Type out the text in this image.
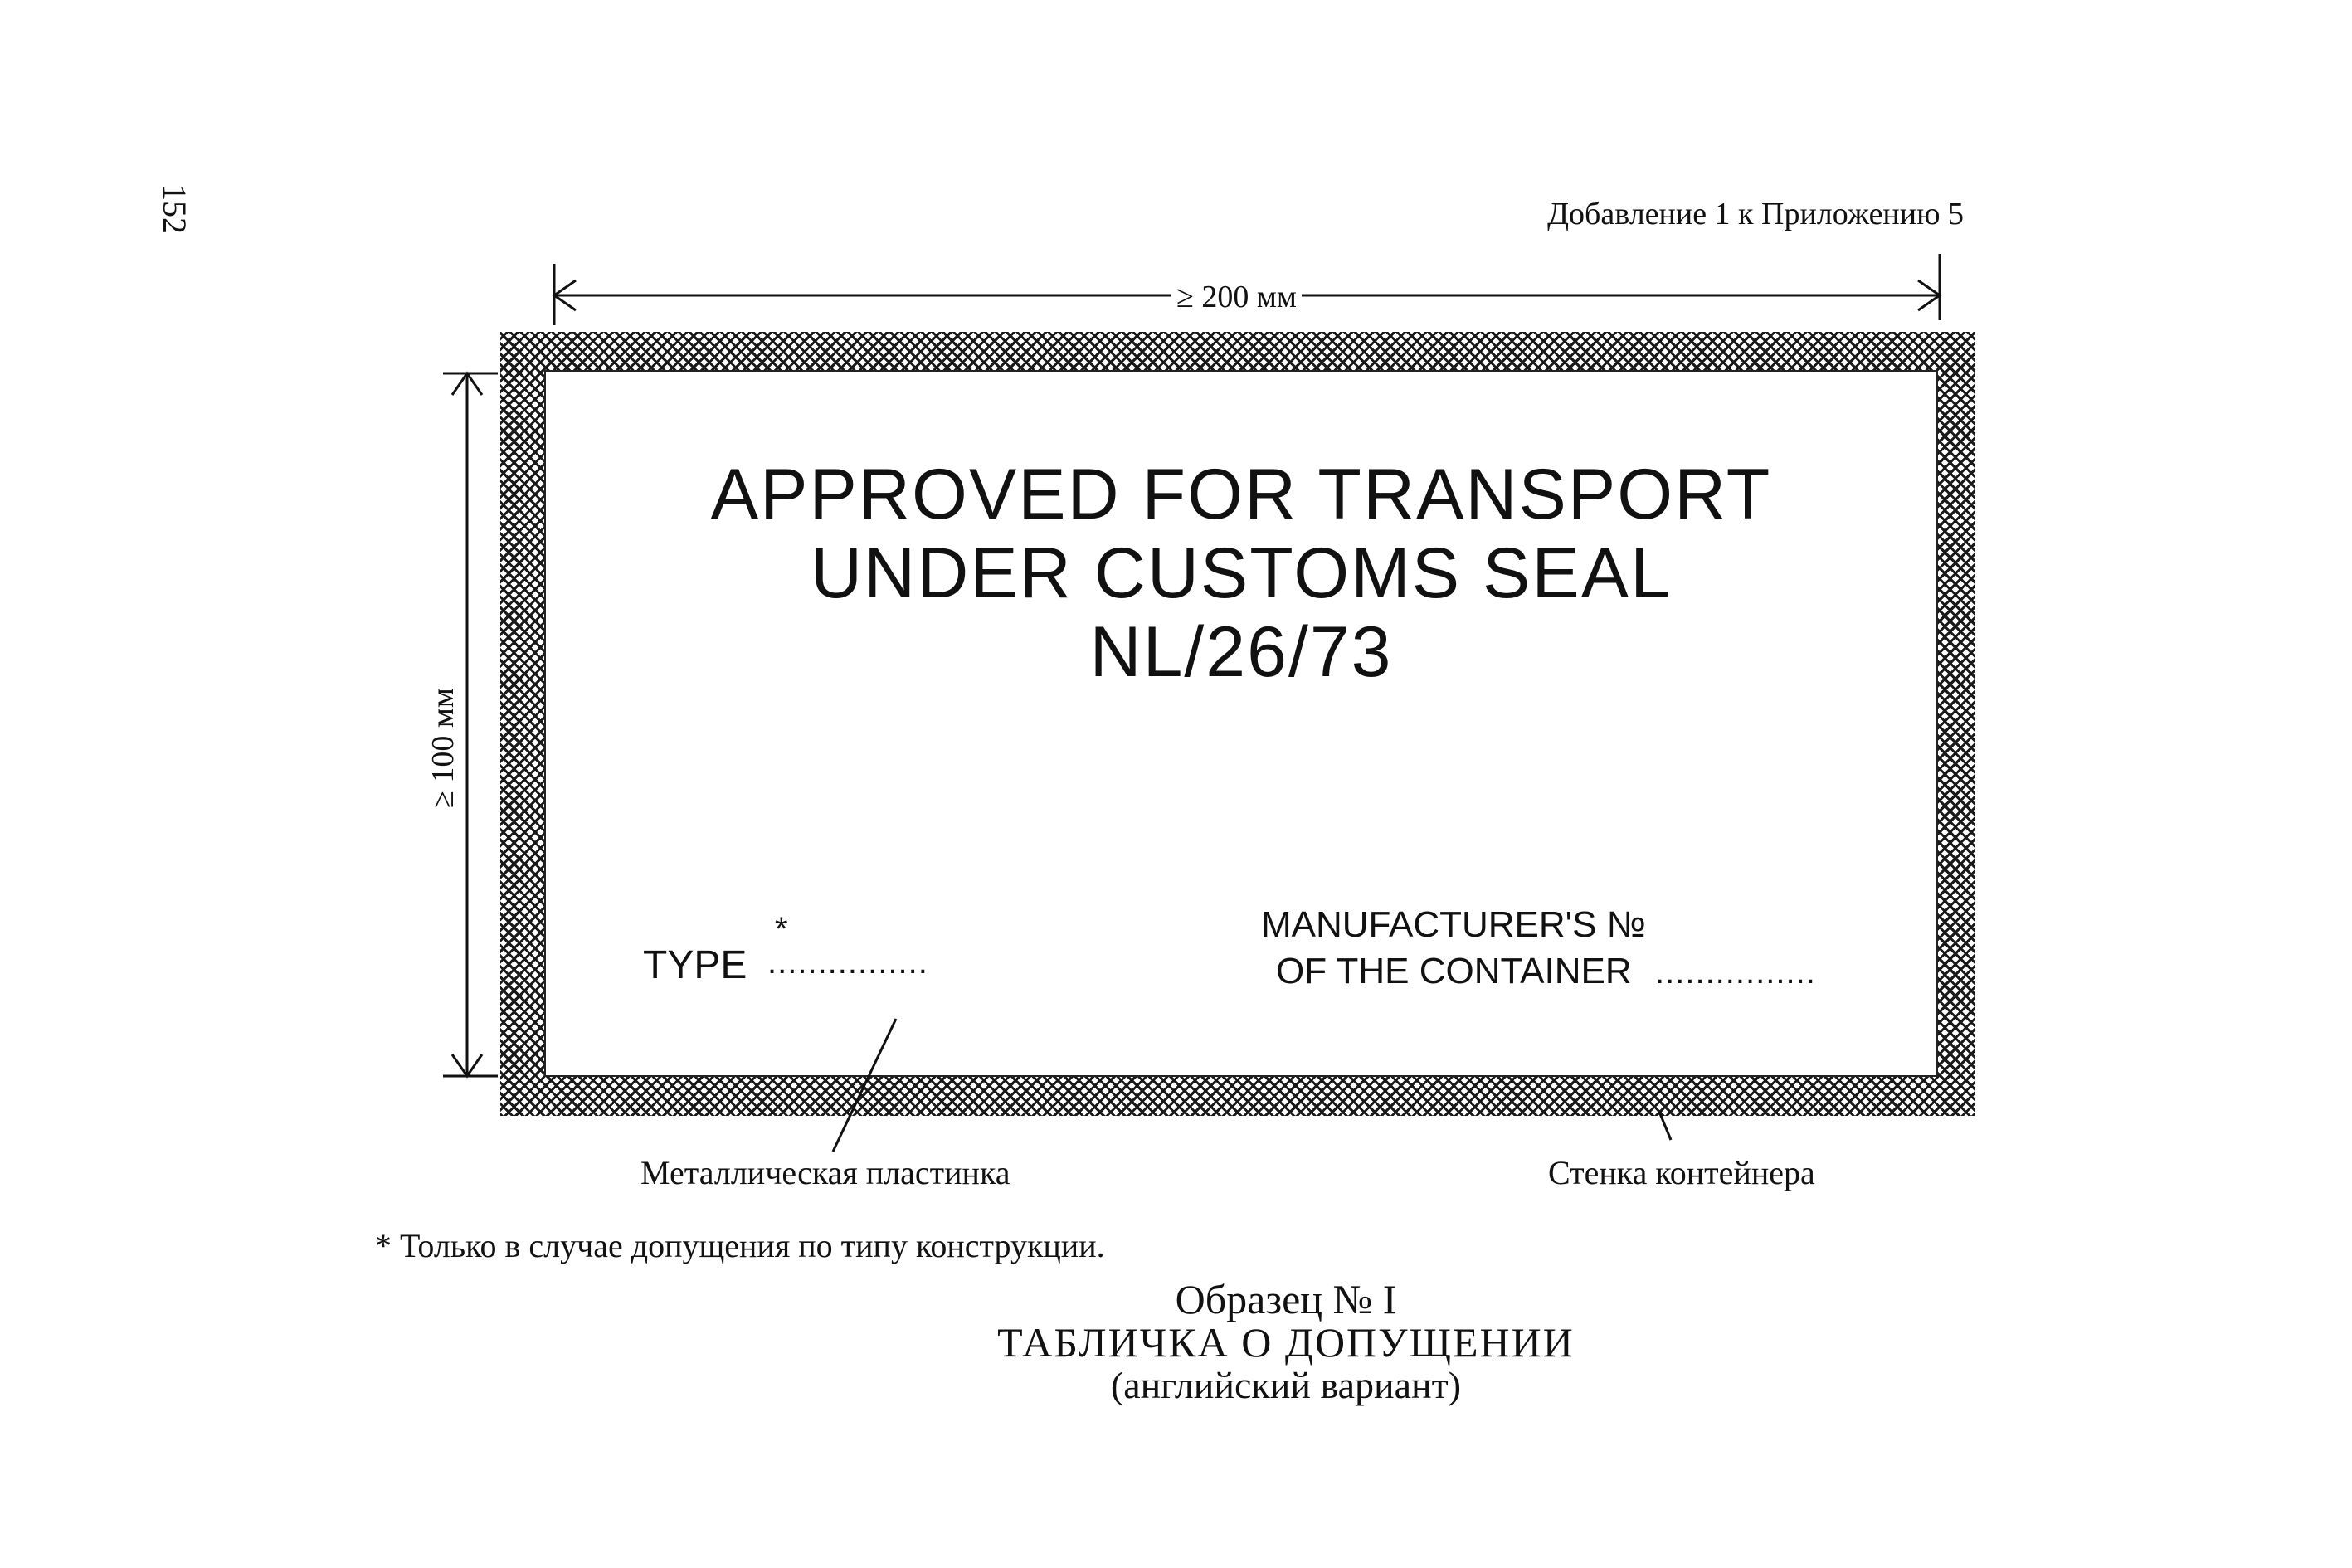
152	Добавление 1 к Приложению 5
≥ 200 мм
≥ 100 мм
APPROVED FOR TRANSPORT
UNDER CUSTOMS SEAL
NL/26/73
TYPE
*
................
MANUFACTURER'S №
OF THE CONTAINER ................
Металлическая пластинка	Стенка контейнера
* Только в случае допущения по типу конструкции.
Образец № I
ТАБЛИЧКА О ДОПУЩЕНИИ
(английский вариант)
